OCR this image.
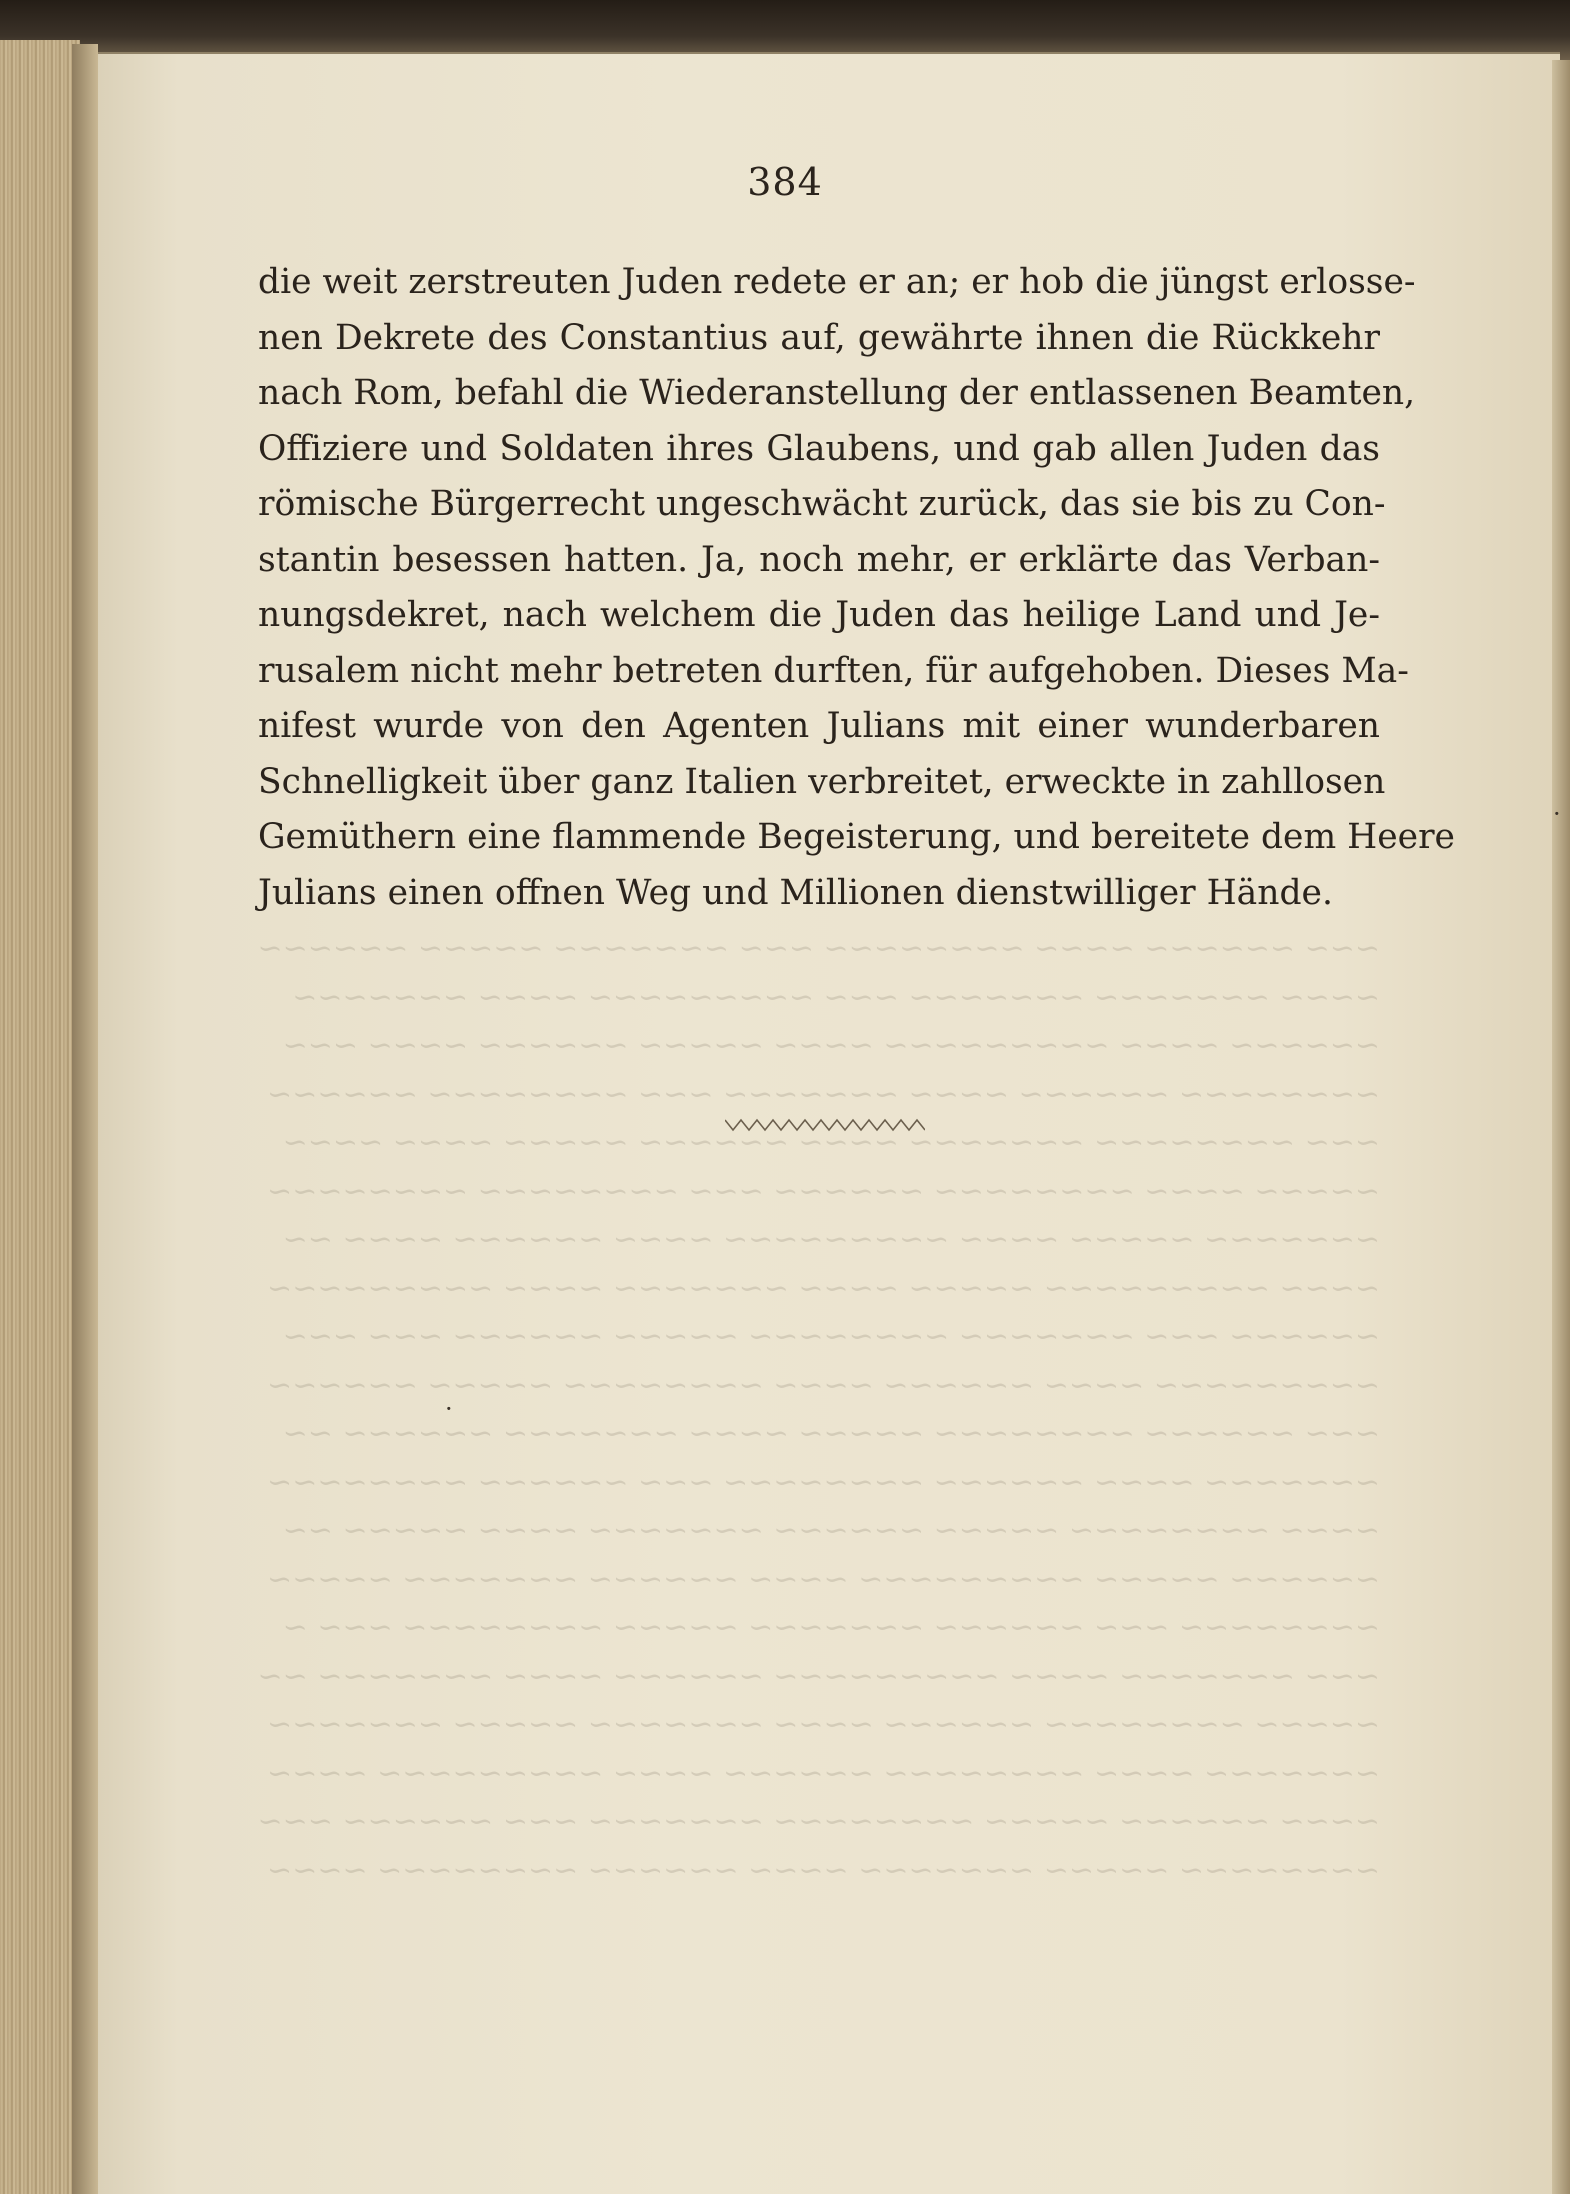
~~~ ~~~~~~ ~~~~ ~~~~~~~~ ~~~ ~~~~~~~ ~~~~~ ~~~~~~
~~~~ ~~~~~~~ ~~~~~~~ ~~~ ~~~~~~~~~ ~~~~ ~~~~~~~
~~~~~~ ~~~~ ~~~~~~~~~ ~~~~ ~~~~~ ~~~~~~ ~~~~ ~~~
~~~~~~~~ ~~~~~~ ~~~~ ~~~~~~~ ~~~ ~~~~~~~~ ~~~~~~
~~~ ~~~~~~~~ ~~~~~~~ ~~~~ ~~~~~~ ~~~~~ ~~~~ ~~~~
~~~~~ ~~~~ ~~~~~~~~ ~~~~~~ ~~~ ~~~~~~~~ ~~~~~~~~
~~~~~~~ ~~~~~ ~~~~ ~~~~~~~~~ ~~~~ ~~~~~~ ~~~~ ~~
~~~~ ~~~~~~~~~ ~~~~~ ~~~~ ~~~~~~~ ~~~~ ~~~~~~~~~
~~~~~~ ~~~ ~~~~~~~ ~~~~~~~~ ~~~~~ ~~~~~~ ~~~ ~~~
~~~~~~~~~ ~~~~ ~~~~~~ ~~~~ ~~~~~~~~ ~~~~~ ~~~~~~
~~~ ~~~~~~ ~~~~~~~~ ~~~~~ ~~~~ ~~~~~~~ ~~~~~~ ~~
~~~~~~~ ~~~~ ~~~~~~ ~~~~~~~~ ~~~ ~~~~~~ ~~~~~~~~
~~~~ ~~~~~~~~ ~~~~~ ~~~~~~ ~~~~~~~ ~~~~ ~~~~~ ~~
~~~~~~ ~~~~~ ~~~~~~~~~ ~~~~ ~~~~~~ ~~~~~~~ ~~~~~
~~~~~~~~ ~~~ ~~~~~~ ~~~~~~~ ~~~~~ ~~~~~~~~ ~~~ ~
~~~ ~~~~~~~ ~~~~ ~~~~~~~~~ ~~~~~~ ~~~~ ~~~~~~~ ~~
~~~~~ ~~~~~~~~ ~~~~~~ ~~~~ ~~~~~~~ ~~~~~ ~~~~~~~
~~~~~~~ ~~~~ ~~~~~~~~ ~~~~~~ ~~~~ ~~~~~~~~~ ~~~~
~~~~ ~~~~~~ ~~~~~ ~~~~~~~~ ~~~~~~~ ~~~ ~~~~~~ ~~~
~~~~~~~~ ~~~~~ ~~~~~~~ ~~~~ ~~~~~~ ~~~~~~~~ ~~~~
384
die weit zerstreuten Juden redete er an; er hob die jüngst erlosse-
nen Dekrete des Constantius auf, gewährte ihnen die Rückkehr
nach Rom, befahl die Wiederanstellung der entlassenen Beamten,
Offiziere und Soldaten ihres Glaubens, und gab allen Juden das
römische Bürgerrecht ungeschwächt zurück, das sie bis zu Con-
stantin besessen hatten. Ja, noch mehr, er erklärte das Verban-
nungsdekret, nach welchem die Juden das heilige Land und Je-
rusalem nicht mehr betreten durften, für aufgehoben. Dieses Ma-
nifest wurde von den Agenten Julians mit einer wunderbaren
Schnelligkeit über ganz Italien verbreitet, erweckte in zahllosen
Gemüthern eine flammende Begeisterung, und bereitete dem Heere
Julians einen offnen Weg und Millionen dienstwilliger Hände.
·
·
